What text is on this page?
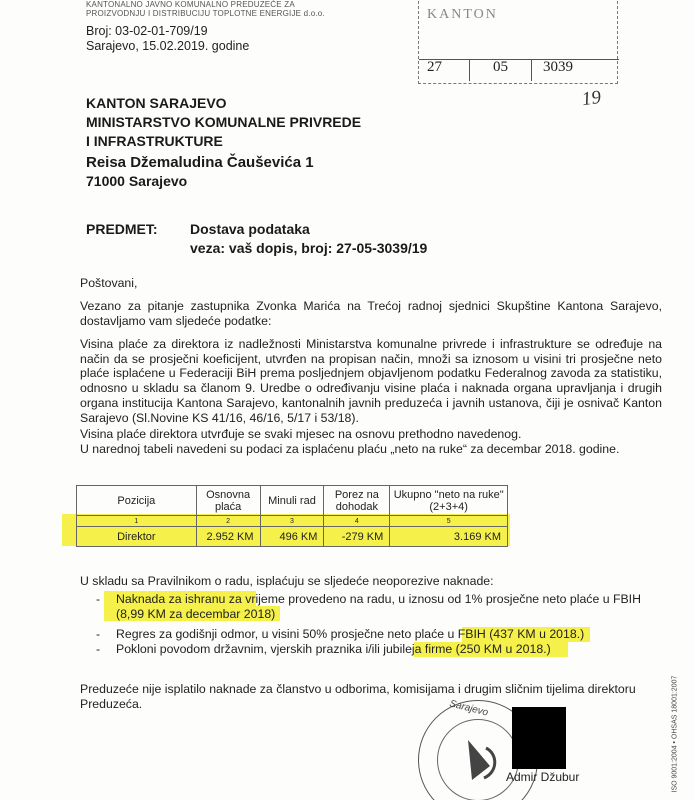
KANTONALNO JAVNO KOMUNALNO PREDUZEĆE ZA
PROIZVODNJU I DISTRIBUCIJU TOPLOTNE ENERGIJE d.o.o.
Broj: 03-02-01-709/19
Sarajevo, 15.02.2019. godine
KANTON
27	05 3039
19
KANTON SARAJEVO
MINISTARSTVO KOMUNALNE PRIVREDE
I INFRASTRUKTURE
Reisa Džemaludina Čauševića 1
71000 Sarajevo
PREDMET: Dostava podataka
veza: vaš dopis, broj: 27-05-3039/19
Poštovani,
Vezano za pitanje zastupnika Zvonka Marića na Trećoj radnoj sjednici Skupštine Kantona Sarajevo, dostavljamo vam sljedeće podatke:
Visina plaće za direktora iz nadležnosti Ministarstva komunalne privrede i infrastrukture se određuje na način da se prosječni koeficijent, utvrđen na propisan način, množi sa iznosom u visini tri prosječne neto plaće isplaćene u Federaciji BiH prema posljednjem objavljenom podatku Federalnog zavoda za statistiku, odnosno u skladu sa članom 9. Uredbe o određivanju visine plaća i naknada organa upravljanja i drugih organa institucija Kantona Sarajevo, kantonalnih javnih preduzeća i javnih ustanova, čiji je osnivač Kanton Sarajevo (Sl.Novine KS 41/16, 46/16, 5/17 i 53/18).
Visina plaće direktora utvrđuje se svaki mjesec na osnovu prethodno navedenog.
U narednoj tabeli navedeni su podaci za isplaćenu plaću „neto na ruke“ za decembar 2018. godine.
Pozicija	Osnovna plaća	Minuli rad	Porez na dohodak	Ukupno "neto na ruke" (2+3+4)
1	2	3	4	5
Direktor	2.952 KM	496 KM	-279 KM	3.169 KM
U skladu sa Pravilnikom o radu, isplaćuju se sljedeće neoporezive naknade:
- Naknada za ishranu za vrijeme provedeno na radu, u iznosu od 1% prosječne neto plaće u FBIH (8,99 KM za decembar 2018)
- Regres za godišnji odmor, u visini 50% prosječne neto plaće u FBIH (437 KM u 2018.)
- Pokloni povodom državnim, vjerskih praznika i/ili jubileja firme (250 KM u 2018.)
Preduzeće nije isplatilo naknade za članstvo u odborima, komisijama i drugim sličnim tijelima direktoru Preduzeća.	Sarajevo
Admir Džubur	ISO 9001:2004 • OHSAS 18001:2007
